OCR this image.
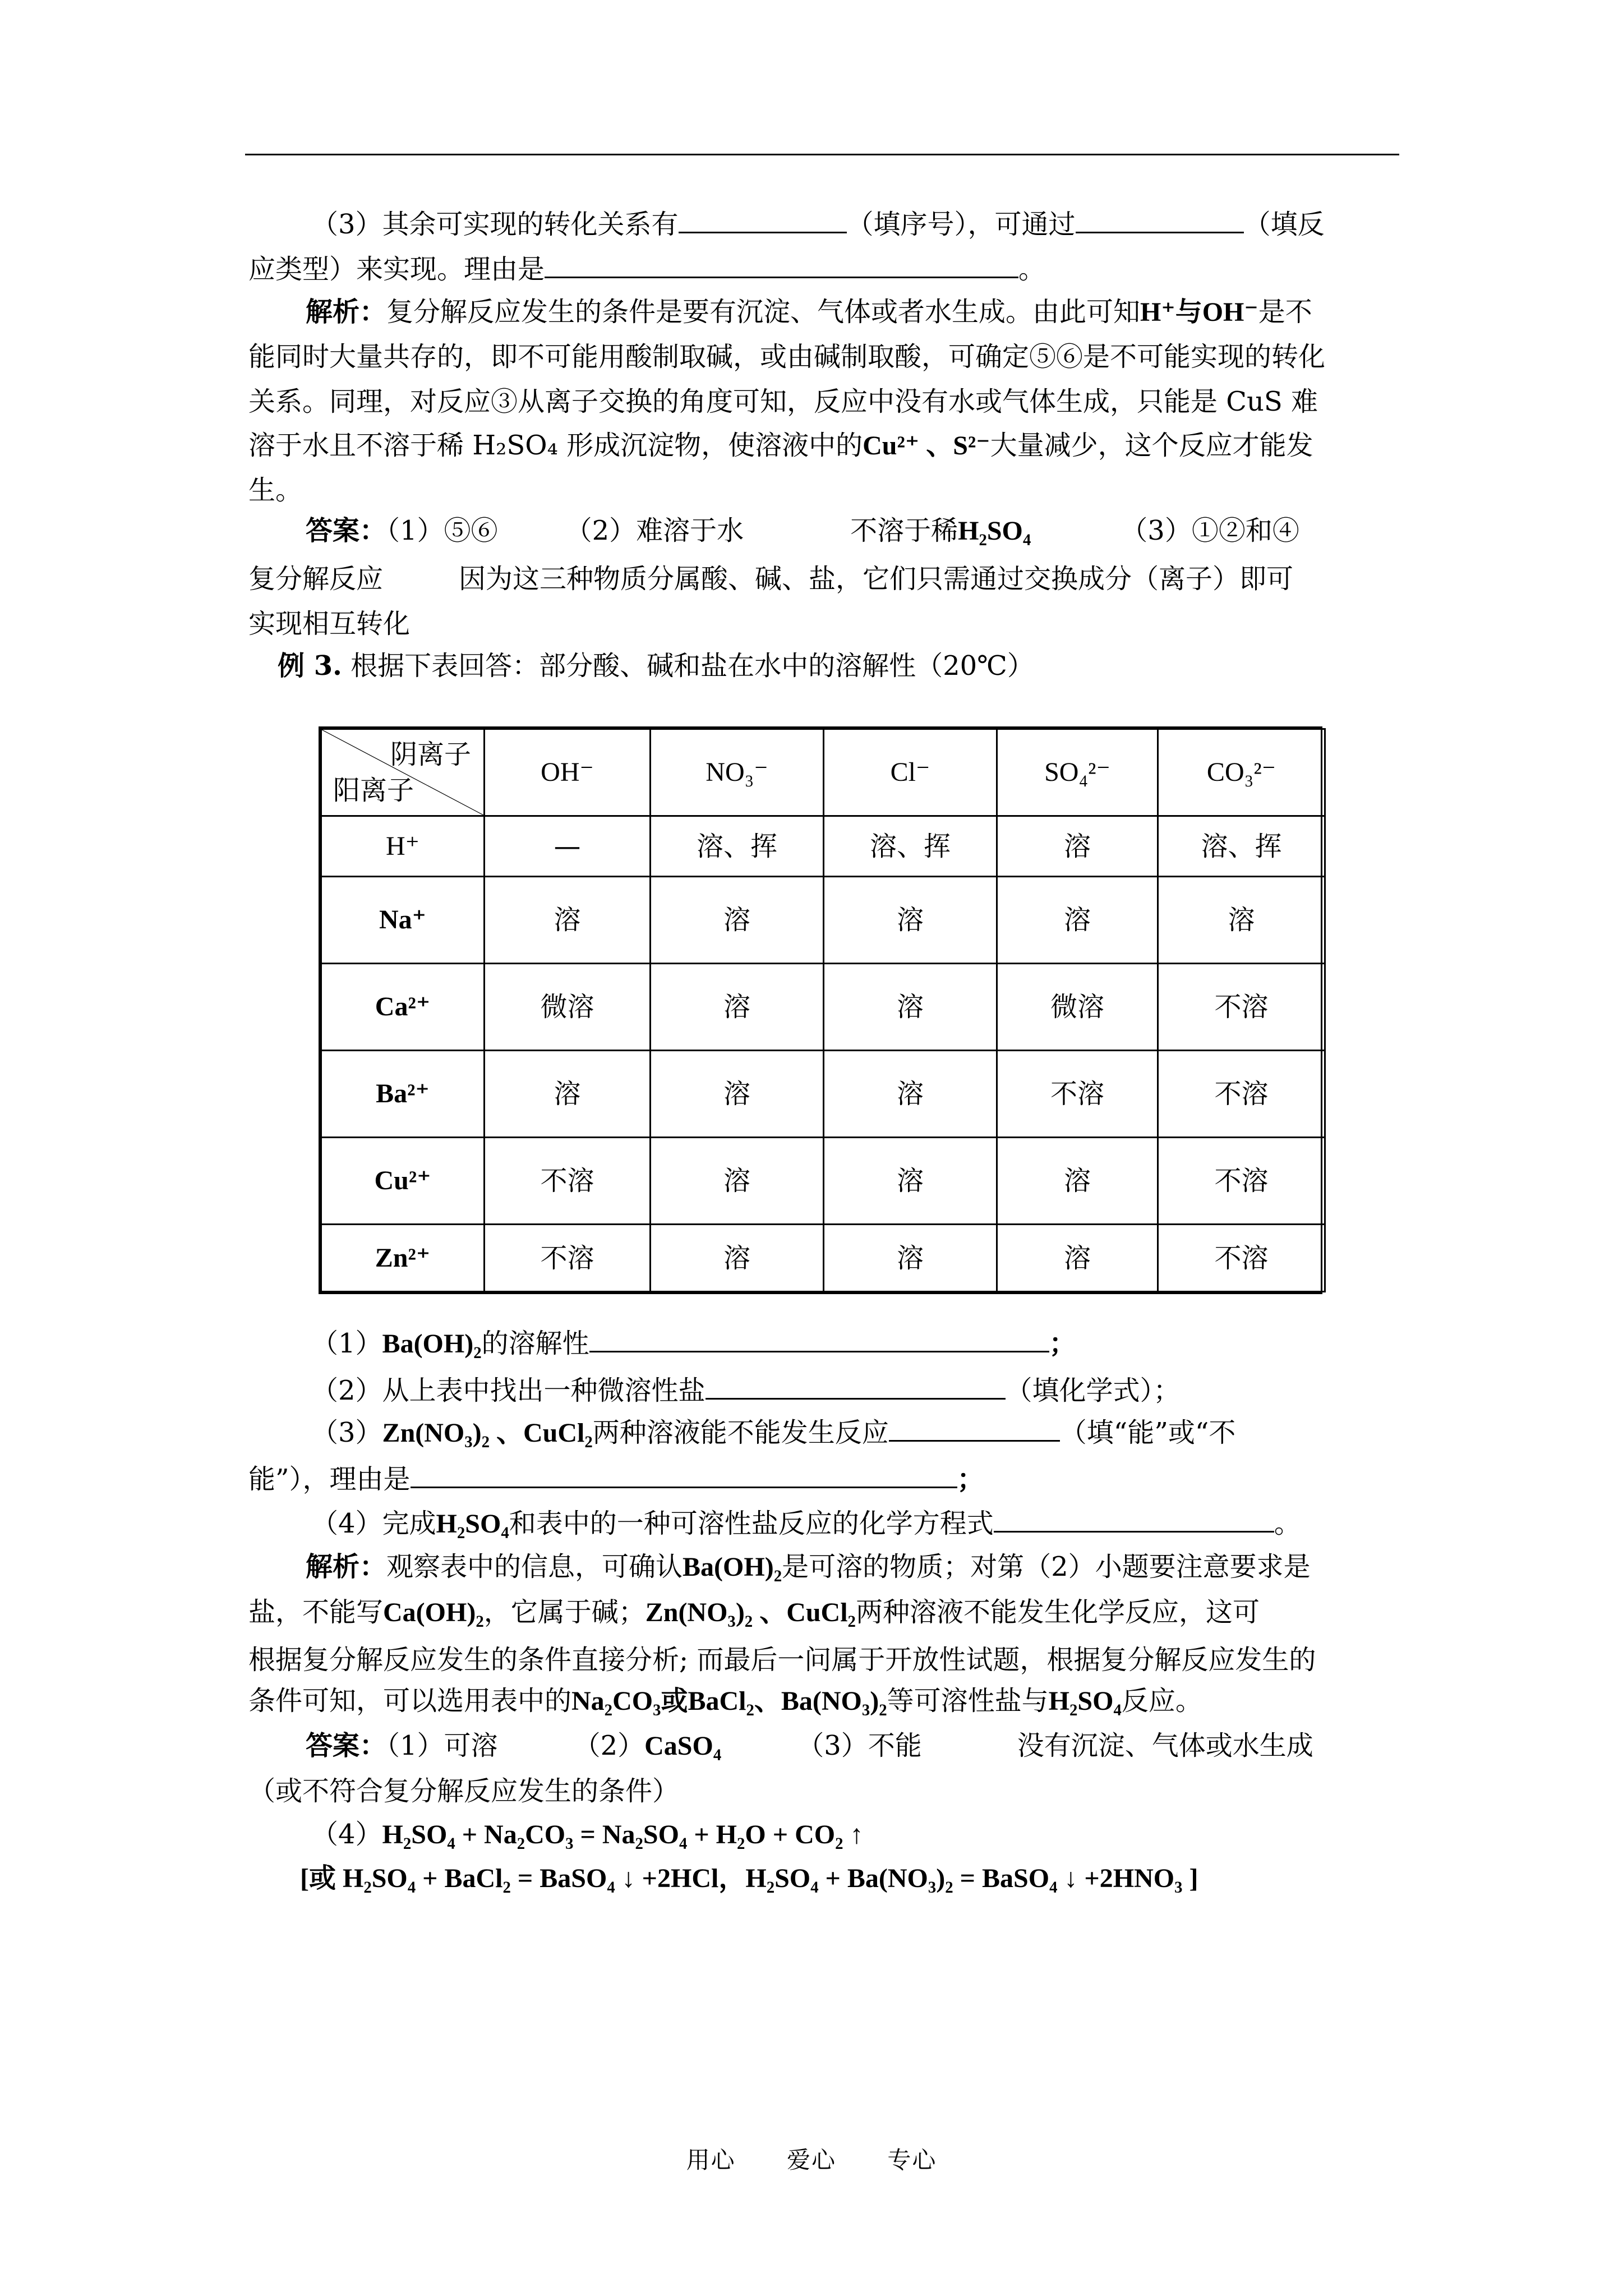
（3）其余可实现的转化关系有	（填序号），可通过	（填反
应类型）来实现。理由是	。
解析：复分解反应发生的条件是要有沉淀、气体或者水生成。由此可知H⁺与OH⁻是不
能同时大量共存的，即不可能用酸制取碱，或由碱制取酸，可确定⑤⑥是不可能实现的转化
关系。同理，对反应③从离子交换的角度可知，反应中没有水或气体生成，只能是 CuS 难
溶于水且不溶于稀 H₂SO₄ 形成沉淀物，使溶液中的Cu²⁺ 、S²⁻大量减少，这个反应才能发
生。
答案：（1）⑤⑥	（2）难溶于水	不溶于稀H₂SO₄	（3）①②和④
复分解反应	因为这三种物质分属酸、碱、盐，它们只需通过交换成分（离子）即可
实现相互转化
例 3. 根据下表回答：部分酸、碱和盐在水中的溶解性（20℃）
阴离子
阳离子	OH⁻	NO₃⁻	Cl⁻	SO₄²⁻	CO₃²⁻
H⁺	—	溶、挥	溶、挥	溶	溶、挥
Na⁺	溶	溶	溶	溶	溶
Ca²⁺	微溶	溶	溶	微溶	不溶
Ba²⁺	溶	溶	溶	不溶	不溶
Cu²⁺	不溶	溶	溶	溶	不溶
Zn²⁺	不溶	溶	溶	溶	不溶
（1）Ba(OH)₂的溶解性	；
（2）从上表中找出一种微溶性盐	（填化学式）；
（3）Zn(NO₃)₂ 、CuCl₂两种溶液能不能发生反应	（填“能”或“不
能”），理由是	；
（4）完成H₂SO₄和表中的一种可溶性盐反应的化学方程式	。
解析：观察表中的信息，可确认Ba(OH)₂是可溶的物质；对第（2）小题要注意要求是
盐，不能写Ca(OH)₂，它属于碱；Zn(NO₃)₂ 、CuCl₂两种溶液不能发生化学反应，这可
根据复分解反应发生的条件直接分析; 而最后一问属于开放性试题，根据复分解反应发生的
条件可知，可以选用表中的Na₂CO₃或BaCl₂、Ba(NO₃)₂等可溶性盐与H₂SO₄反应。
答案：（1）可溶	（2）CaSO₄	（3）不能	没有沉淀、气体或水生成
（或不符合复分解反应发生的条件）
（4）H₂SO₄ + Na₂CO₃ = Na₂SO₄ + H₂O + CO₂ ↑
[或 H₂SO₄ + BaCl₂ = BaSO₄ ↓ +2HCl，H₂SO₄ + Ba(NO₃)₂ = BaSO₄ ↓ +2HNO₃ ]
用心 爱心 专心
